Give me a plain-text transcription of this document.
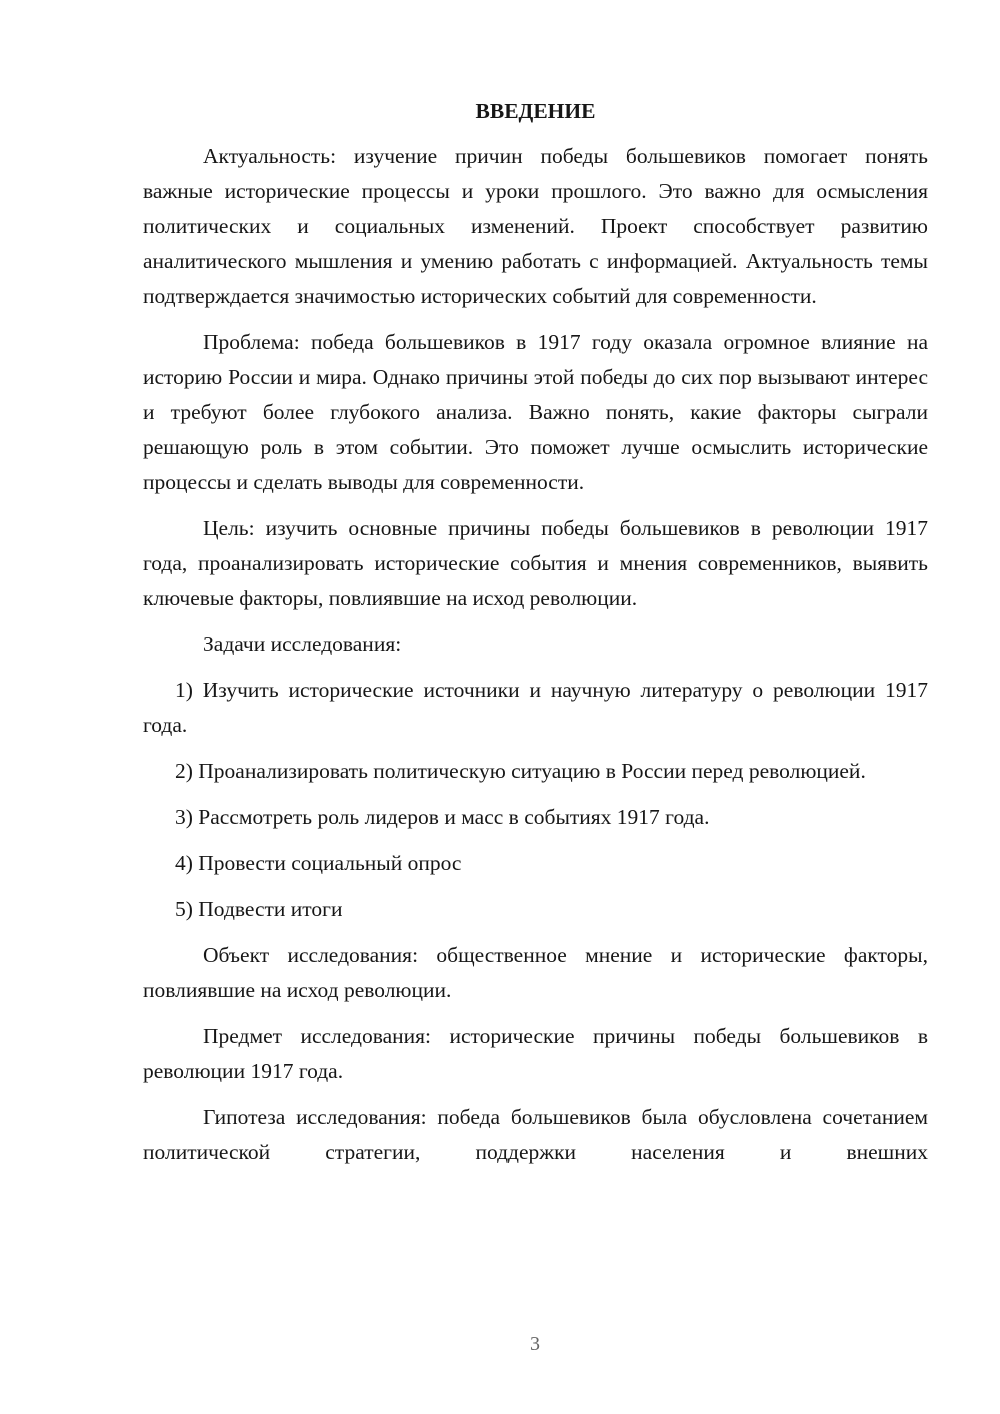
ВВЕДЕНИЕ

Актуальность: изучение причин победы большевиков помогает понять важные исторические процессы и уроки прошлого. Это важно для осмысления политических и социальных изменений. Проект способствует развитию аналитического мышления и умению работать с информацией. Актуальность темы подтверждается значимостью исторических событий для современности.

Проблема: победа большевиков в 1917 году оказала огромное влияние на историю России и мира. Однако причины этой победы до сих пор вызывают интерес и требуют более глубокого анализа. Важно понять, какие факторы сыграли решающую роль в этом событии. Это поможет лучше осмыслить исторические процессы и сделать выводы для современности.

Цель: изучить основные причины победы большевиков в революции 1917 года, проанализировать исторические события и мнения современников, выявить ключевые факторы, повлиявшие на исход революции.

Задачи исследования:

1) Изучить исторические источники и научную литературу о революции 1917 года.

2) Проанализировать политическую ситуацию в России перед революцией.

3) Рассмотреть роль лидеров и масс в событиях 1917 года.

4) Провести социальный опрос

5) Подвести итоги

Объект исследования: общественное мнение и исторические факторы, повлиявшие на исход революции.

Предмет исследования: исторические причины победы большевиков в революции 1917 года.

Гипотеза исследования: победа большевиков была обусловлена сочетанием политической стратегии, поддержки населения и внешних

3
